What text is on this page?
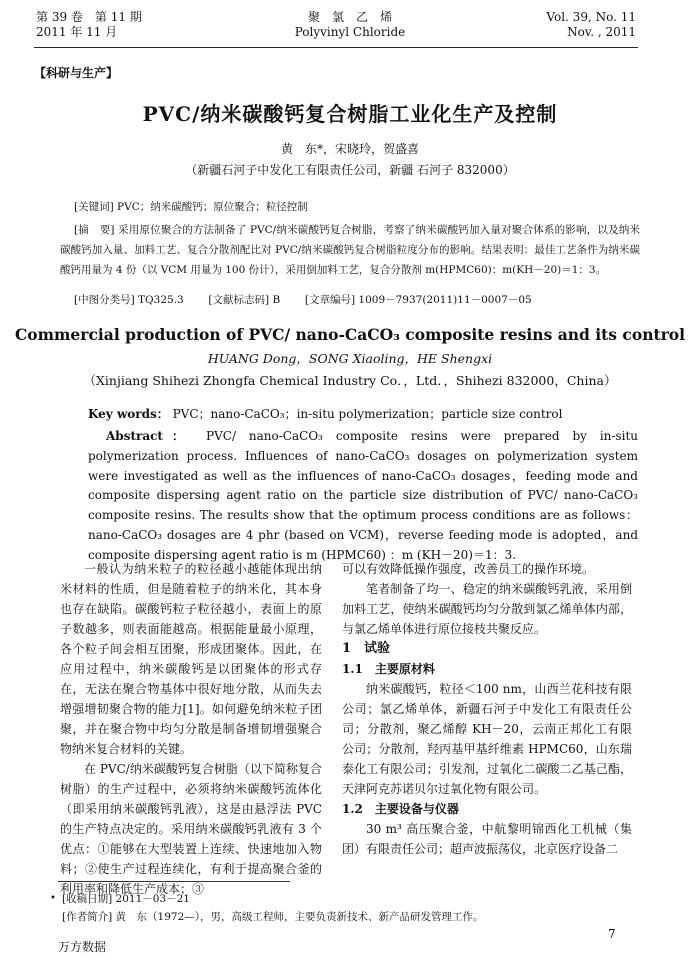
第 39 卷　第 11 期
2011 年 11 月
聚　氯　乙　烯
Polyvinyl Chloride
Vol. 39, No. 11
Nov. , 2011
【科研与生产】
PVC/纳米碳酸钙复合树脂工业化生产及控制
黄　东*，宋晓玲，贺盛喜
（新疆石河子中发化工有限责任公司，新疆 石河子 832000）
[关键词] PVC；纳米碳酸钙；原位聚合；粒径控制
[摘　要] 采用原位聚合的方法制备了 PVC/纳米碳酸钙复合树脂，考察了纳米碳酸钙加入量对聚合体系的影响，以及纳米碳酸钙加入量、加料工艺、复合分散剂配比对 PVC/纳米碳酸钙复合树脂粒度分布的影响。结果表明：最佳工艺条件为纳米碳酸钙用量为 4 份（以 VCM 用量为 100 份计），采用倒加料工艺，复合分散剂 m(HPMC60)：m(KH－20)＝1：3。
[中图分类号] TQ325.3 [文献标志码] B [文章编号] 1009－7937(2011)11－0007－05
Commercial production of PVC/ nano-CaCO₃ composite resins and its control
HUANG Dong，SONG Xiaoling，HE Shengxi
（Xinjiang Shihezi Zhongfa Chemical Industry Co．，Ltd．，Shihezi 832000，China）
Key words： PVC；nano-CaCO₃；in-situ polymerization；particle size control
Abstract： PVC/ nano-CaCO₃ composite resins were prepared by in-situ polymerization process. Influences of nano-CaCO₃ dosages on polymerization system were investigated as well as the influences of nano-CaCO₃ dosages，feeding mode and composite dispersing agent ratio on the particle size distribution of PVC/ nano-CaCO₃ composite resins. The results show that the optimum process conditions are as follows：nano-CaCO₃ dosages are 4 phr (based on VCM)，reverse feeding mode is adopted，and composite dispersing agent ratio is m (HPMC60) ：m (KH－20)＝1：3.

一般认为纳米粒子的粒径越小越能体现出纳米材料的性质，但是随着粒子的纳米化，其本身也存在缺陷。碳酸钙粒子粒径越小，表面上的原子数越多，则表面能越高。根据能量最小原理，各个粒子间会相互团聚，形成团聚体。因此，在应用过程中，纳米碳酸钙是以团聚体的形式存在，无法在聚合物基体中很好地分散，从而失去增强增韧聚合物的能力[1]。如何避免纳米粒子团聚，并在聚合物中均匀分散是制备增韧增强聚合物纳米复合材料的关键。

在 PVC/纳米碳酸钙复合树脂（以下简称复合树脂）的生产过程中，必须将纳米碳酸钙流体化（即采用纳米碳酸钙乳液），这是由悬浮法 PVC 的生产特点决定的。采用纳米碳酸钙乳液有 3 个优点：①能够在大型装置上连续、快速地加入物料；②使生产过程连续化，有利于提高聚合釜的利用率和降低生产成本；③

可以有效降低操作强度，改善员工的操作环境。

笔者制备了均一、稳定的纳米碳酸钙乳液，采用倒加料工艺，使纳米碳酸钙均匀分散到氯乙烯单体内部，与氯乙烯单体进行原位接枝共聚反应。

1　试验

1.1　主要原材料

纳米碳酸钙，粒径＜100 nm，山西兰花科技有限公司；氯乙烯单体，新疆石河子中发化工有限责任公司；分散剂，聚乙烯醇 KH－20，云南正邦化工有限公司；分散剂，羟丙基甲基纤维素 HPMC60，山东瑞泰化工有限公司；引发剂，过氧化二碳酸二乙基己酯，天津阿克苏诺贝尔过氧化物有限公司。

1.2　主要设备与仪器

30 m³ 高压聚合釜，中航黎明锦西化工机械（集团）有限责任公司；超声波振荡仪，北京医疗设备二

• [收稿日期] 2011－03－21
[作者简介] 黄　东（1972—），男，高级工程师，主要负责新技术、新产品研发管理工作。
7
万方数据
